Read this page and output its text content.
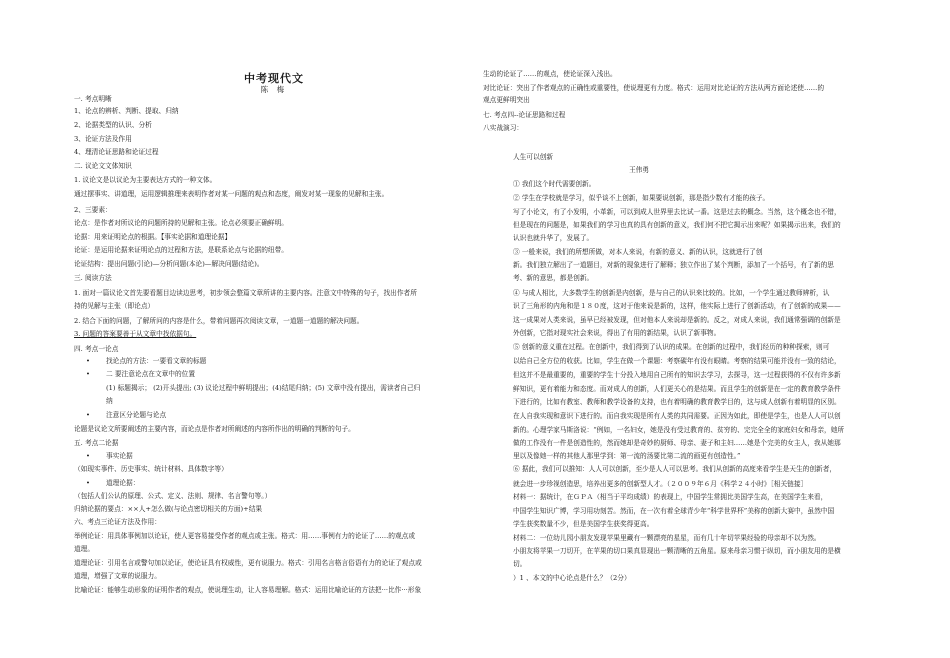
中考现代文
陈 梅
一. 考点明晰
1、论点的辨析、判断、提取、归纳
2、论据类型的认识、分析
3、论证方法及作用
4、理清论证思路和论证过程
二. 议论文文体知识
1. 议论文是以议论为主要表达方式的一种文体。
通过摆事实、讲道理，运用逻辑推理来表明作者对某一问题的观点和态度，阐发对某一现象的见解和主张。
2、三要素：
论点：是作者对所议论的问题所持的见解和主张。论点必须要正确鲜明。
论据：用来证明论点的根据。【事实论据和道理论据】
论证：是运用论据来证明论点的过程和方法，是联系论点与论据的纽带。
论证结构：提出问题(引论)—分析问题(本论)—解决问题(结论)。
三. 阅读方法
1. 面对一篇议论文首先要看题目边读边思考，初步领会整篇文章所讲的主要内容。注意文中特殊的句子，找出作者所
持的见解与主张（即论点）
2. 结合下面的问题，了解所问的内容是什么，带着问题再次阅读文章，一道题一道题的解决问题。
3. 问题的答案要善于从文章中找依据句。
四. 考点一论点
• 找论点的方法：一要看文章的标题
• 二 要注意论点在文章中的位置
(1) 标题揭示； (2)开头提出; (3) 议论过程中鲜明提出；(4)结尾归纳；(5) 文章中没有提出，需读者自己归
纳
• 注意区分论题与论点
论题是议论文所要阐述的主要内容，而论点是作者对所阐述的内容所作出的明确的判断的句子。
五. 考点二论据
• 事实论据
（如现实事件、历史事实、统计材料、具体数字等）
• 道理论据：
（包括人们公认的原理、公式、定义、法则、规律、名言警句等。）
归纳论据的要点：××人+怎么做(与论点密切相关的方面)+结果
六、考点三论证方法及作用：
举例论证：用具体事例加以论证，使人更容易接受作者的观点或主张。格式：用……事例有力的论证了……的观点或
道理。
道理论证：引用名言或警句加以论证，使论证具有权威性，更有说服力。格式：引用名言格言俗语有力的论证了观点或
道理，增强了文章的说服力。
比喻论证：能够生动形象的证明作者的观点，使说理生动，让人容易理解。格式：运用比喻论证的方法把···比作···形象
生动的论证了……的观点，使论证深入浅出。
对比论证：突出了作者观点的正确性或重要性，使说理更有力度。格式：运用对比论证的方法从两方面论述使……的
观点更鲜明突出
七. 考点四--论证思路和过程
八实战演习：
人生可以创新
王伟勇
① 我们这个时代需要创新。
② 学生在学校就是学习，似乎谈不上创新，如果要说创新，那是指少数有才能的孩子。
写了小论文，有了小发明，小革新，可以到成人世界里去比试一番。这是过去的概念。当然，这个概念也不错，
但是现在的问题是，如果我们的学习也真的具有创新的意义，我们何不把它揭示出来呢？如果揭示出来，我们的
认识也就升华了，发展了。
③ 一般来说，我们的所想所做，对本人来说，有新的意义、新的认识，这就进行了创
新。我们独立解出了一道题目，对新的现象进行了解释；独立作出了某个判断，添加了一个括号，有了新的思
考、新的意思，都是创新。
④ 与成人相比，大多数学生的创新是内创新，是与自己的认识来比较的。比如，一个学生通过教师辨析，认
识了三角形的内角和是１８０度，这对于他来说是新的，这样，他实际上进行了创新活动，有了创新的成果——
这一成果对人类来说，虽早已经被发现，但对他本人来说却是新的。反之，对成人来说，我们通常强调的创新是
外创新，它指对现实社会来说，得出了有用的新结果，认识了新事物。
⑤ 创新的意义重在过程。在创新中，我们得到了认识的成果。在创新的过程中，我们经历的种种探索，则可
以给自己全方位的收获。比如，学生在做一个课题：考察碳年有没有眼睛。考察的结果可能并没有一致的结论，
但这并不是最重要的，重要的学生十分投入地用自己所有的知识去学习，去探寻，这一过程获得的不仅有许多新
鲜知识，更有着能力和态度。而对成人的创新，人们更关心的是结果。而且学生的创新是在一定的教育教学条件
下进行的，比如有教室、教师和教学设备的支持，也有着明确的教育教学目的，这与成人创新有着明显的区别。
在人自我实现和意识下进行的。而自我实现是所有人类的共同需要。正因为如此，即使是学生，也是人人可以创
新的。心理学家马斯洛说：“例如，一名妇女，她是没有受过教育的、贫穷的、完完全全的家庭妇女和母亲，她所
做的工作没有一件是创造性的，然而她却是奇妙的厨师、母亲、妻子和主妇……她是个完美的女主人，我从她那
里以及像她一样的其他人那里学到：第一流的汤要比第二流的画更有创造性。”
⑥ 据此，我们可以推知：人人可以创新，至少是人人可以思考。我们从创新的高度来看学生是天生的创新者，
就会进一步珍视创造思，培养出更多的创新型人才。（２００９年６月《科学２４小时》［相关链接］
材料一：据统计，在ＧＰＡ（相当于平均成绩）的表现上，中国学生常拥比美国学生高，在美国学生来看，
中国学生知识广博，学习用功刻苦。然而，在一次有着全球青少年“科学世界杯”美称的创新大赛中，虽然中国
学生获奖数量不少，但是美国学生获奖得更高。
材料二：一位幼儿园小朋友发现苹果里藏有一颗漂亮的星星，而有几十年切苹果经验的母亲却不以为然。
小朋友将苹果一刀切开，在苹果的切口果真显现出一颗清晰的五角星。原来母亲习惯于纵切，而小朋友用的是横
切。
）1 、本文的中心论点是什么？（2分）
